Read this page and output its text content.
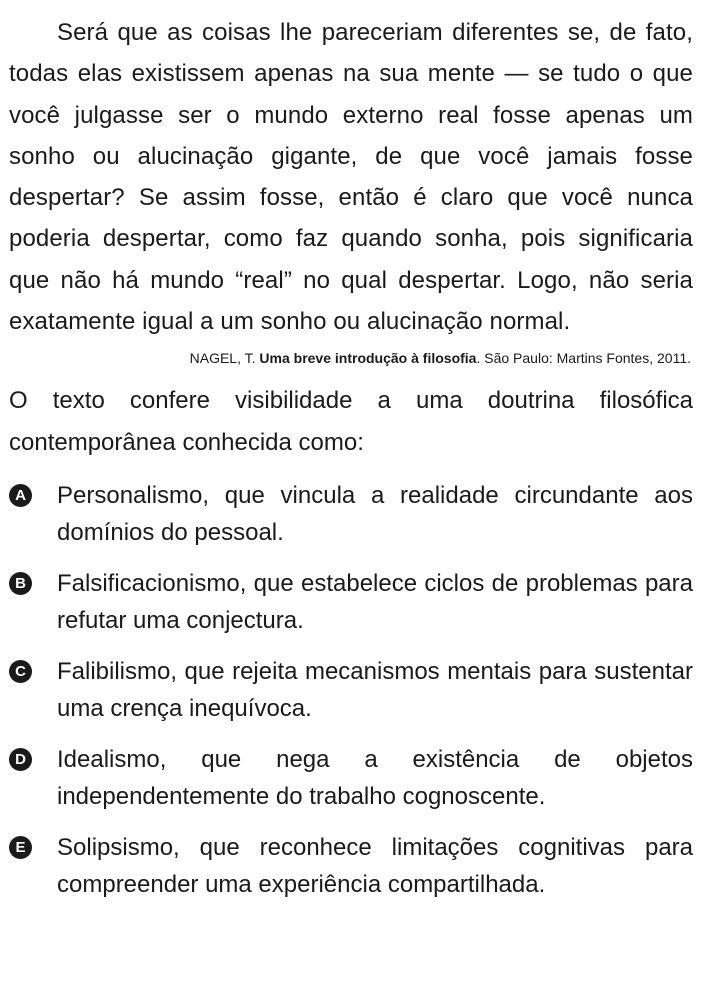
Será que as coisas lhe pareceriam diferentes se, de fato, todas elas existissem apenas na sua mente — se tudo o que você julgasse ser o mundo externo real fosse apenas um sonho ou alucinação gigante, de que você jamais fosse despertar? Se assim fosse, então é claro que você nunca poderia despertar, como faz quando sonha, pois significaria que não há mundo “real” no qual despertar. Logo, não seria exatamente igual a um sonho ou alucinação normal.

NAGEL, T. Uma breve introdução à filosofia. São Paulo: Martins Fontes, 2011.

O texto confere visibilidade a uma doutrina filosófica contemporânea conhecida como:

A Personalismo, que vincula a realidade circundante aos domínios do pessoal.
B Falsificacionismo, que estabelece ciclos de problemas para refutar uma conjectura.
C Falibilismo, que rejeita mecanismos mentais para sustentar uma crença inequívoca.
D Idealismo, que nega a existência de objetos independentemente do trabalho cognoscente.
E Solipsismo, que reconhece limitações cognitivas para compreender uma experiência compartilhada.
